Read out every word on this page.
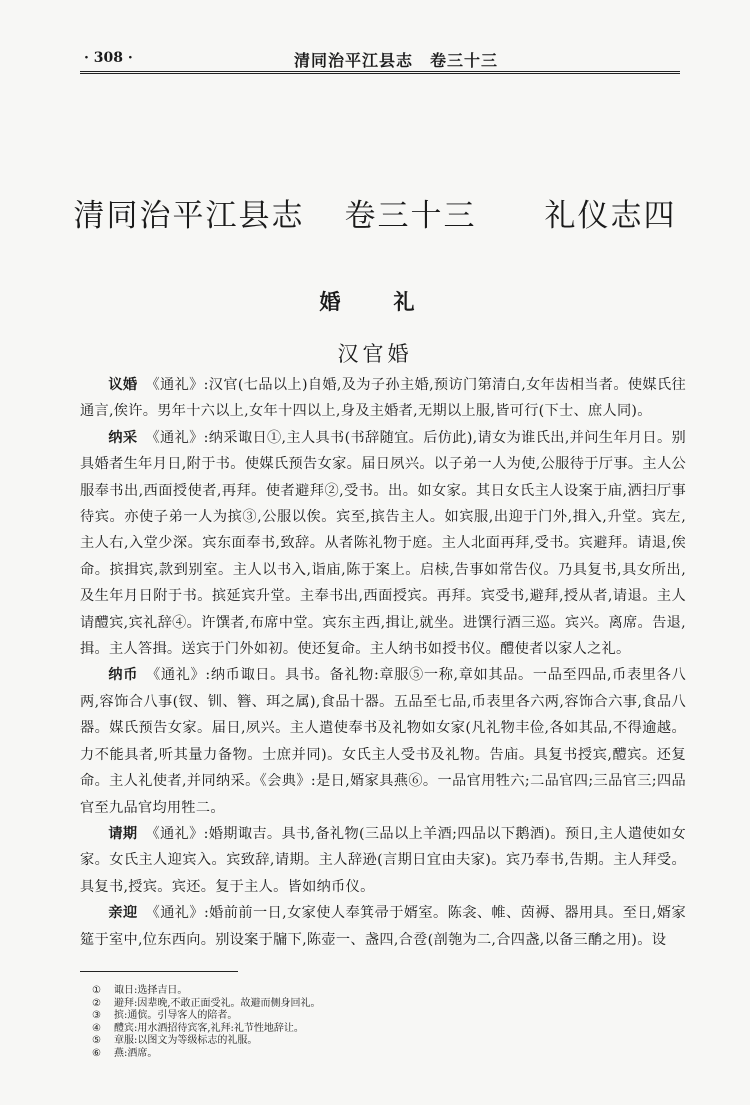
· 308 ·	清同治平江县志　卷三十三
清同治平江县志 卷三十三 礼仪志四
婚　礼
汉官婚

议婚 《通礼》:汉官(七品以上)自婚,及为子孙主婚,预访门第清白,女年齿相当者。使媒氏往通言,俟许。男年十六以上,女年十四以上,身及主婚者,无期以上服,皆可行(下士、庶人同)。

纳采 《通礼》:纳采诹日①,主人具书(书辞随宜。后仿此),请女为谁氏出,并问生年月日。别具婚者生年月日,附于书。使媒氏预告女家。届日夙兴。以子弟一人为使,公服待于厅事。主人公服奉书出,西面授使者,再拜。使者避拜②,受书。出。如女家。其日女氏主人设案于庙,洒扫厅事待宾。亦使子弟一人为摈③,公服以俟。宾至,摈告主人。如宾服,出迎于门外,揖入,升堂。宾左,主人右,入堂少深。宾东面奉书,致辞。从者陈礼物于庭。主人北面再拜,受书。宾避拜。请退,俟命。摈揖宾,款到别室。主人以书入,诣庙,陈于案上。启椟,告事如常告仪。乃具复书,具女所出,及生年月日附于书。摈延宾升堂。主奉书出,西面授宾。再拜。宾受书,避拜,授从者,请退。主人请醴宾,宾礼辞④。许馔者,布席中堂。宾东主西,揖让,就坐。进馔行酒三巡。宾兴。离席。告退,揖。主人答揖。送宾于门外如初。使还复命。主人纳书如授书仪。醴使者以家人之礼。

纳币 《通礼》:纳币诹日。具书。备礼物:章服⑤一称,章如其品。一品至四品,币表里各八两,容饰合八事(钗、钏、簪、珥之属),食品十器。五品至七品,币表里各六两,容饰合六事,食品八器。媒氏预告女家。届日,夙兴。主人遣使奉书及礼物如女家(凡礼物丰俭,各如其品,不得逾越。力不能具者,听其量力备物。士庶并同)。女氏主人受书及礼物。告庙。具复书授宾,醴宾。还复命。主人礼使者,并同纳采。《会典》:是日,婿家具燕⑥。一品官用牲六;二品官四;三品官三;四品官至九品官均用牲二。

请期 《通礼》:婚期诹吉。具书,备礼物(三品以上羊酒;四品以下鹅酒)。预日,主人遣使如女家。女氏主人迎宾入。宾致辞,请期。主人辞逊(言期日宜由夫家)。宾乃奉书,告期。主人拜受。具复书,授宾。宾还。复于主人。皆如纳币仪。

亲迎 《通礼》:婚前前一日,女家使人奉箕帚于婿室。陈衾、帷、茵褥、器用具。至日,婿家筵于室中,位东西向。别设案于牖下,陈壶一、盏四,合卺(剖匏为二,合四盏,以备三酳之用)。设

① 诹日:选择吉日。

② 避拜:因辈晚,不敢正面受礼。故避而侧身回礼。

③ 摈:通傧。引导客人的陪者。

④ 醴宾:用水酒招待宾客,礼拜:礼节性地辞让。

⑤ 章服:以图文为等级标志的礼服。

⑥ 燕:酒席。
